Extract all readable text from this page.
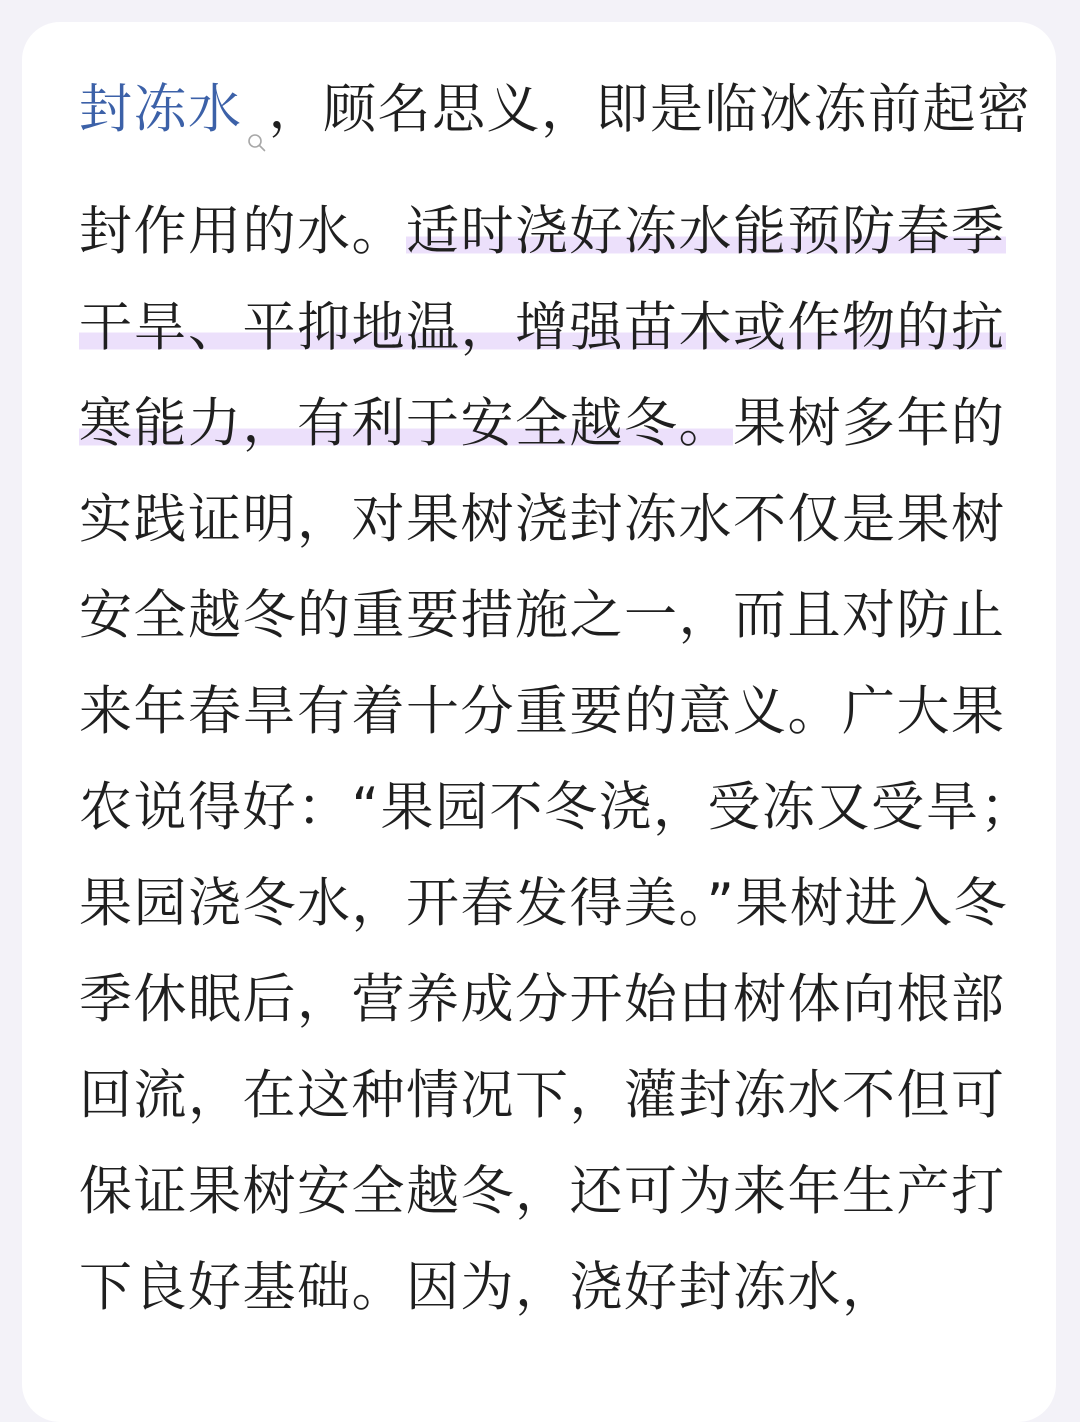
封冻水 ，顾名思义，即是临冰冻前起密封作用的水。适时浇好冻水能预防春季干旱、平抑地温，增强苗木或作物的抗寒能力，有利于安全越冬。果树多年的实践证明，对果树浇封冻水不仅是果树安全越冬的重要措施之一，而且对防止来年春旱有着十分重要的意义。广大果农说得好：“果园不冬浇，受冻又受旱；果园浇冬水，开春发得美。”果树进入冬季休眠后，营养成分开始由树体向根部回流，在这种情况下，灌封冻水不但可保证果树安全越冬，还可为来年生产打下良好基础。因为，浇好封冻水，
